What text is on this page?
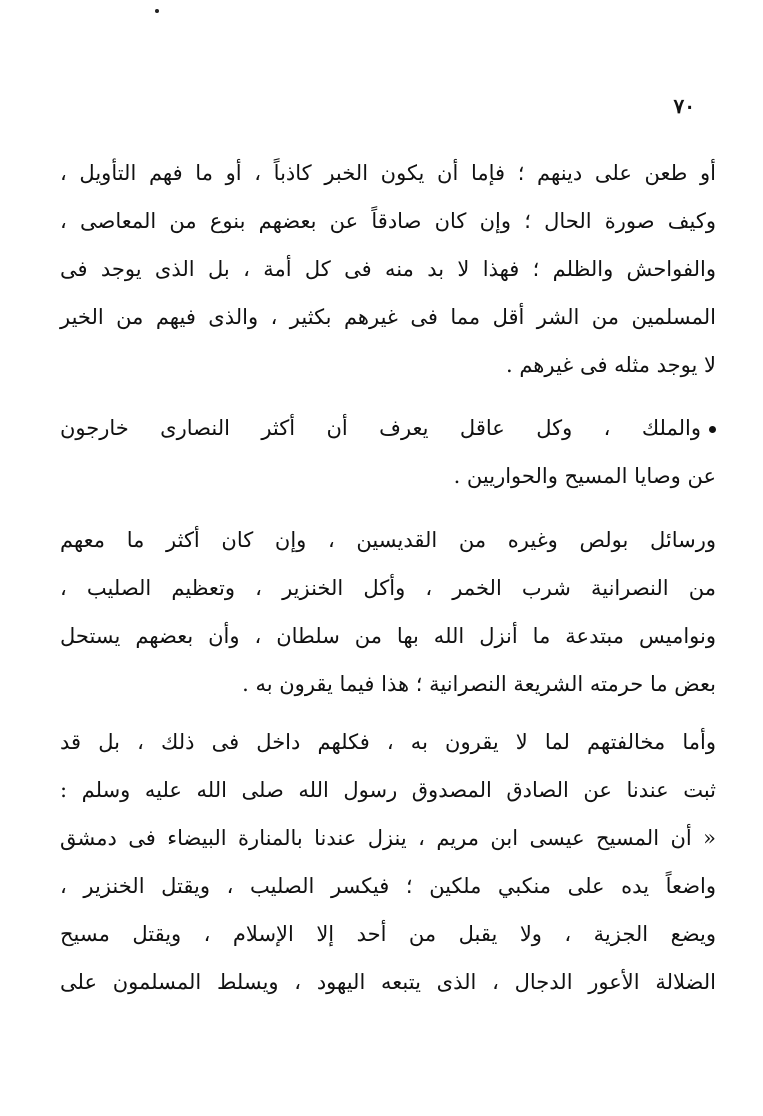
٧٠
أو طعن على دينهم ؛ فإما أن يكون الخبر كاذباً ، أو ما فهم التأويل ،
وكيف صورة الحال ؛ وإن كان صادقاً عن بعضهم بنوع من المعاصى ،
والفواحش والظلم ؛ فهذا لا بد منه فى كل أمة ، بل الذى يوجد فى
المسلمين من الشر أقل مما فى غيرهم بكثير ، والذى فيهم من الخير
لا يوجد مثله فى غيرهم .
والملك ، وكل عاقل يعرف أن أكثر النصارى خارجون
عن وصايا المسيح والحواريين .
ورسائل بولص وغيره من القديسين ، وإن كان أكثر ما معهم
من النصرانية شرب الخمر ، وأكل الخنزير ، وتعظيم الصليب ،
ونواميس مبتدعة ما أنزل الله بها من سلطان ، وأن بعضهم يستحل
بعض ما حرمته الشريعة النصرانية ؛ هذا فيما يقرون به .
وأما مخالفتهم لما لا يقرون به ، فكلهم داخل فى ذلك ، بل قد
ثبت عندنا عن الصادق المصدوق رسول الله صلى الله عليه وسلم :
« أن المسيح عيسى ابن مريم ، ينزل عندنا بالمنارة البيضاء فى دمشق
واضعاً يده على منكبي ملكين ؛ فيكسر الصليب ، ويقتل الخنزير ،
ويضع الجزية ، ولا يقبل من أحد إلا الإسلام ، ويقتل مسيح
الضلالة الأعور الدجال ، الذى يتبعه اليهود ، ويسلط المسلمون على
